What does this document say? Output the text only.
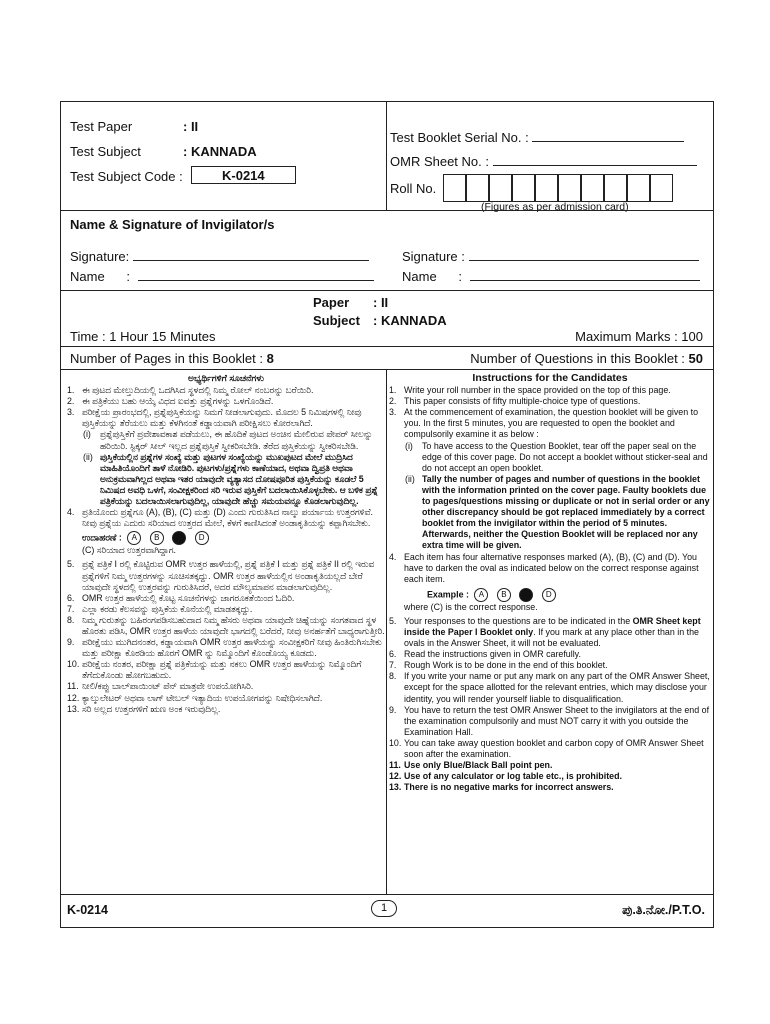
Test Paper	: II
Test Subject	: KANNADA
Test Subject Code :	K-0214
Test Booklet Serial No. :
OMR Sheet No. :
Roll No.
(Figures as per admission card)
Name & Signature of Invigilator/s
Signature:
Name      :
Signature :
Name      :
Paper : II
Subject : KANNADA
Time : 1 Hour 15 Minutes	Maximum Marks : 100
Number of Pages in this Booklet : 8	Number of Questions in this Booklet : 50
ಅಭ್ಯರ್ಥಿಗಳಿಗೆ ಸೂಚನೆಗಳು
1. ಈ ಪುಟದ ಮೇಲ್ತುದಿಯಲ್ಲಿ ಒದಗಿಸಿದ ಸ್ಥಳದಲ್ಲಿ ನಿಮ್ಮ ರೋಲ್ ನಂಬರನ್ನು ಬರೆಯಿರಿ.
2. ಈ ಪತ್ರಿಕೆಯು ಬಹು ಆಯ್ಕೆ ವಿಧದ ಐವತ್ತು ಪ್ರಶ್ನೆಗಳನ್ನು ಒಳಗೊಂಡಿದೆ.
3. ಪರೀಕ್ಷೆಯ ಪ್ರಾರಂಭದಲ್ಲಿ, ಪ್ರಶ್ನೆಪುಸ್ತಿಕೆಯನ್ನು ನಿಮಗೆ ನೀಡಲಾಗುವುದು. ಮೊದಲ 5 ನಿಮಿಷಗಳಲ್ಲಿ ನೀವು ಪುಸ್ತಿಕೆಯನ್ನು ತೆರೆಯಲು ಮತ್ತು ಕೆಳಗಿನಂತೆ ಕಡ್ಡಾಯವಾಗಿ ಪರೀಕ್ಷಿಸಲು ಕೋರಲಾಗಿದೆ.
(i)	ಪ್ರಶ್ನೆಪುಸ್ತಿಕೆಗೆ ಪ್ರವೇಶಾವಕಾಶ ಪಡೆಯಲು, ಈ ಹೊದಿಕೆ ಪುಟದ ಅಂಚಿನ ಮೇಲಿರುವ ಪೇಪರ್ ಸೀಲನ್ನು ಹರಿಯಿರಿ. ಸ್ಟಿಕ್ಕರ್ ಸೀಲ್ ಇಲ್ಲದ ಪ್ರಶ್ನೆಪುಸ್ತಿಕೆ ಸ್ವೀಕರಿಸಬೇಡಿ. ತೆರೆದ ಪುಸ್ತಿಕೆಯನ್ನು ಸ್ವೀಕರಿಸಬೇಡಿ.
(ii) ಪುಸ್ತಿಕೆಯಲ್ಲಿನ ಪ್ರಶ್ನೆಗಳ ಸಂಖ್ಯೆ ಮತ್ತು ಪುಟಗಳ ಸಂಖ್ಯೆಯನ್ನು ಮುಖಪುಟದ ಮೇಲೆ ಮುದ್ರಿಸಿದ ಮಾಹಿತಿಯೊಂದಿಗೆ ತಾಳೆ ನೋಡಿರಿ. ಪುಟಗಳು/ಪ್ರಶ್ನೆಗಳು ಕಾಣೆಯಾದ, ಅಥವಾ ದ್ವಿಪ್ರತಿ ಅಥವಾ ಅನುಕ್ರಮವಾಗಿಲ್ಲದ ಅಥವಾ ಇತರ ಯಾವುದೇ ವ್ಯತ್ಯಾಸದ ದೋಷಪೂರಿತ ಪುಸ್ತಿಕೆಯನ್ನು ಕೂಡಲೆ 5 ನಿಮಿಷದ ಅವಧಿ ಒಳಗೆ, ಸಂವೀಕ್ಷಕರಿಂದ ಸರಿ ಇರುವ ಪುಸ್ತಿಕೆಗೆ ಬದಲಾಯಿಸಿಕೊಳ್ಳಬೇಕು. ಆ ಬಳಿಕ ಪ್ರಶ್ನೆ ಪತ್ರಿಕೆಯನ್ನು ಬದಲಾಯಿಸಲಾಗುವುದಿಲ್ಲ, ಯಾವುದೇ ಹೆಚ್ಚು ಸಮಯವನ್ನೂ ಕೊಡಲಾಗುವುದಿಲ್ಲ.
4. ಪ್ರತಿಯೊಂದು ಪ್ರಶ್ನೆಗೂ (A), (B), (C) ಮತ್ತು (D) ಎಂದು ಗುರುತಿಸಿದ ನಾಲ್ಕು ಪರ್ಯಾಯ ಉತ್ತರಗಳಿವೆ. ನೀವು ಪ್ರಶ್ನೆಯ ಎದುರು ಸರಿಯಾದ ಉತ್ತರದ ಮೇಲೆ, ಕೆಳಗೆ ಕಾಣಿಸಿದಂತೆ ಅಂಡಾಕೃತಿಯನ್ನು ಕಪ್ಪಾಗಿಸಬೇಕು.
ಉದಾಹರಣೆ : A B	D
(C) ಸರಿಯಾದ ಉತ್ತರವಾಗಿದ್ದಾಗ.
5. ಪ್ರಶ್ನೆ ಪತ್ರಿಕೆ I ರಲ್ಲಿ ಕೊಟ್ಟಿರುವ OMR ಉತ್ತರ ಹಾಳೆಯಲ್ಲಿ, ಪ್ರಶ್ನೆ ಪತ್ರಿಕೆ I ಮತ್ತು ಪ್ರಶ್ನೆ ಪತ್ರಿಕೆ II ರಲ್ಲಿ ಇರುವ ಪ್ರಶ್ನೆಗಳಿಗೆ ನಿಮ್ಮ ಉತ್ತರಗಳನ್ನು ಸೂಚಿಸತಕ್ಕದ್ದು. OMR ಉತ್ತರ ಹಾಳೆಯಲ್ಲಿನ ಅಂಡಾಕೃತಿಯಲ್ಲದೆ ಬೇರೆ ಯಾವುದೇ ಸ್ಥಳದಲ್ಲಿ ಉತ್ತರವನ್ನು ಗುರುತಿಸಿದರೆ, ಅದರ ಮೌಲ್ಯಮಾಪನ ಮಾಡಲಾಗುವುದಿಲ್ಲ.
6. OMR ಉತ್ತರ ಹಾಳೆಯಲ್ಲಿ ಕೊಟ್ಟ ಸೂಚನೆಗಳನ್ನು ಜಾಗರೂಕತೆಯಿಂದ ಓದಿರಿ.
7. ಎಲ್ಲಾ ಕರಡು ಕೆಲಸವನ್ನು ಪುಸ್ತಿಕೆಯ ಕೊನೆಯಲ್ಲಿ ಮಾಡತಕ್ಕದ್ದು.
8. ನಿಮ್ಮ ಗುರುತನ್ನು ಬಹಿರಂಗಪಡಿಸಬಹುದಾದ ನಿಮ್ಮ ಹೆಸರು ಅಥವಾ ಯಾವುದೇ ಚಿಹ್ನೆಯನ್ನು ಸಂಗತವಾದ ಸ್ಥಳ ಹೊರತು ಪಡಿಸಿ, OMR ಉತ್ತರ ಹಾಳೆಯ ಯಾವುದೇ ಭಾಗದಲ್ಲಿ ಬರೆದರೆ, ನೀವು ಅನರ್ಹತೆಗೆ ಬಾಧ್ಯರಾಗುತ್ತೀರಿ.
9. ಪರೀಕ್ಷೆಯು ಮುಗಿದನಂತರ, ಕಡ್ಡಾಯವಾಗಿ OMR ಉತ್ತರ ಹಾಳೆಯನ್ನು ಸಂವೀಕ್ಷಕರಿಗೆ ನೀವು ಹಿಂತಿರುಗಿಸಬೇಕು ಮತ್ತು ಪರೀಕ್ಷಾ ಕೊಠಡಿಯ ಹೊರಗೆ OMR ನ್ನು ನಿಮ್ಮೊಂದಿಗೆ ಕೊಂಡೊಯ್ಯ ಕೂಡದು.
10. ಪರೀಕ್ಷೆಯ ನಂತರ, ಪರೀಕ್ಷಾ ಪ್ರಶ್ನೆ ಪತ್ರಿಕೆಯನ್ನು ಮತ್ತು ನಕಲು OMR ಉತ್ತರ ಹಾಳೆಯನ್ನು ನಿಮ್ಮೊಂದಿಗೆ ತೆಗೆದುಕೊಂಡು ಹೋಗಬಹುದು.
11. ನೀಲಿ/ಕಪ್ಪು ಬಾಲ್‌ಪಾಯಿಂಟ್ ಪೆನ್ ಮಾತ್ರವೇ ಉಪಯೋಗಿಸಿರಿ.
12. ಕ್ಯಾಲ್ಕುಲೇಟರ್ ಅಥವಾ ಲಾಗ್ ಟೇಬಲ್ ಇತ್ಯಾದಿಯ ಉಪಯೋಗವನ್ನು ನಿಷೇಧಿಸಲಾಗಿದೆ.
13. ಸರಿ ಅಲ್ಲದ ಉತ್ತರಗಳಿಗೆ ಋಣ ಅಂಕ ಇರುವುದಿಲ್ಲ.
Instructions for the Candidates
1. Write your roll number in the space provided on the top of this page.
2. This paper consists of fifty multiple-choice type of questions.
3. At the commencement of examination, the question booklet will be given to you. In the first 5 minutes, you are requested to open the booklet and compulsorily examine it as below :
(i)	To have access to the Question Booklet, tear off the paper seal on the edge of this cover page. Do not accept a booklet without sticker-seal and do not accept an open booklet.
(ii) Tally the number of pages and number of questions in the booklet with the information printed on the cover page. Faulty booklets due to pages/questions missing or duplicate or not in serial order or any other discrepancy should be got replaced immediately by a correct booklet from the invigilator within the period of 5 minutes. Afterwards, neither the Question Booklet will be replaced nor any extra time will be given.
4. Each item has four alternative responses marked (A), (B), (C) and (D). You have to darken the oval as indicated below on the correct response against each item.
Example : A B	D
where (C) is the correct response.
5. Your responses to the questions are to be indicated in the OMR Sheet kept inside the Paper I Booklet only. If you mark at any place other than in the ovals in the Answer Sheet, it will not be evaluated.
6. Read the instructions given in OMR carefully.
7. Rough Work is to be done in the end of this booklet.
8. If you write your name or put any mark on any part of the OMR Answer Sheet, except for the space allotted for the relevant entries, which may disclose your identity, you will render yourself liable to disqualification.
9. You have to return the test OMR Answer Sheet to the invigilators at the end of the examination compulsorily and must NOT carry it with you outside the Examination Hall.
10. You can take away question booklet and carbon copy of OMR Answer Sheet soon after the examination.
11. Use only Blue/Black Ball point pen.
12. Use of any calculator or log table etc., is prohibited.
13. There is no negative marks for incorrect answers.
K-0214	1	ಪು.ತಿ.ನೋ./P.T.O.
